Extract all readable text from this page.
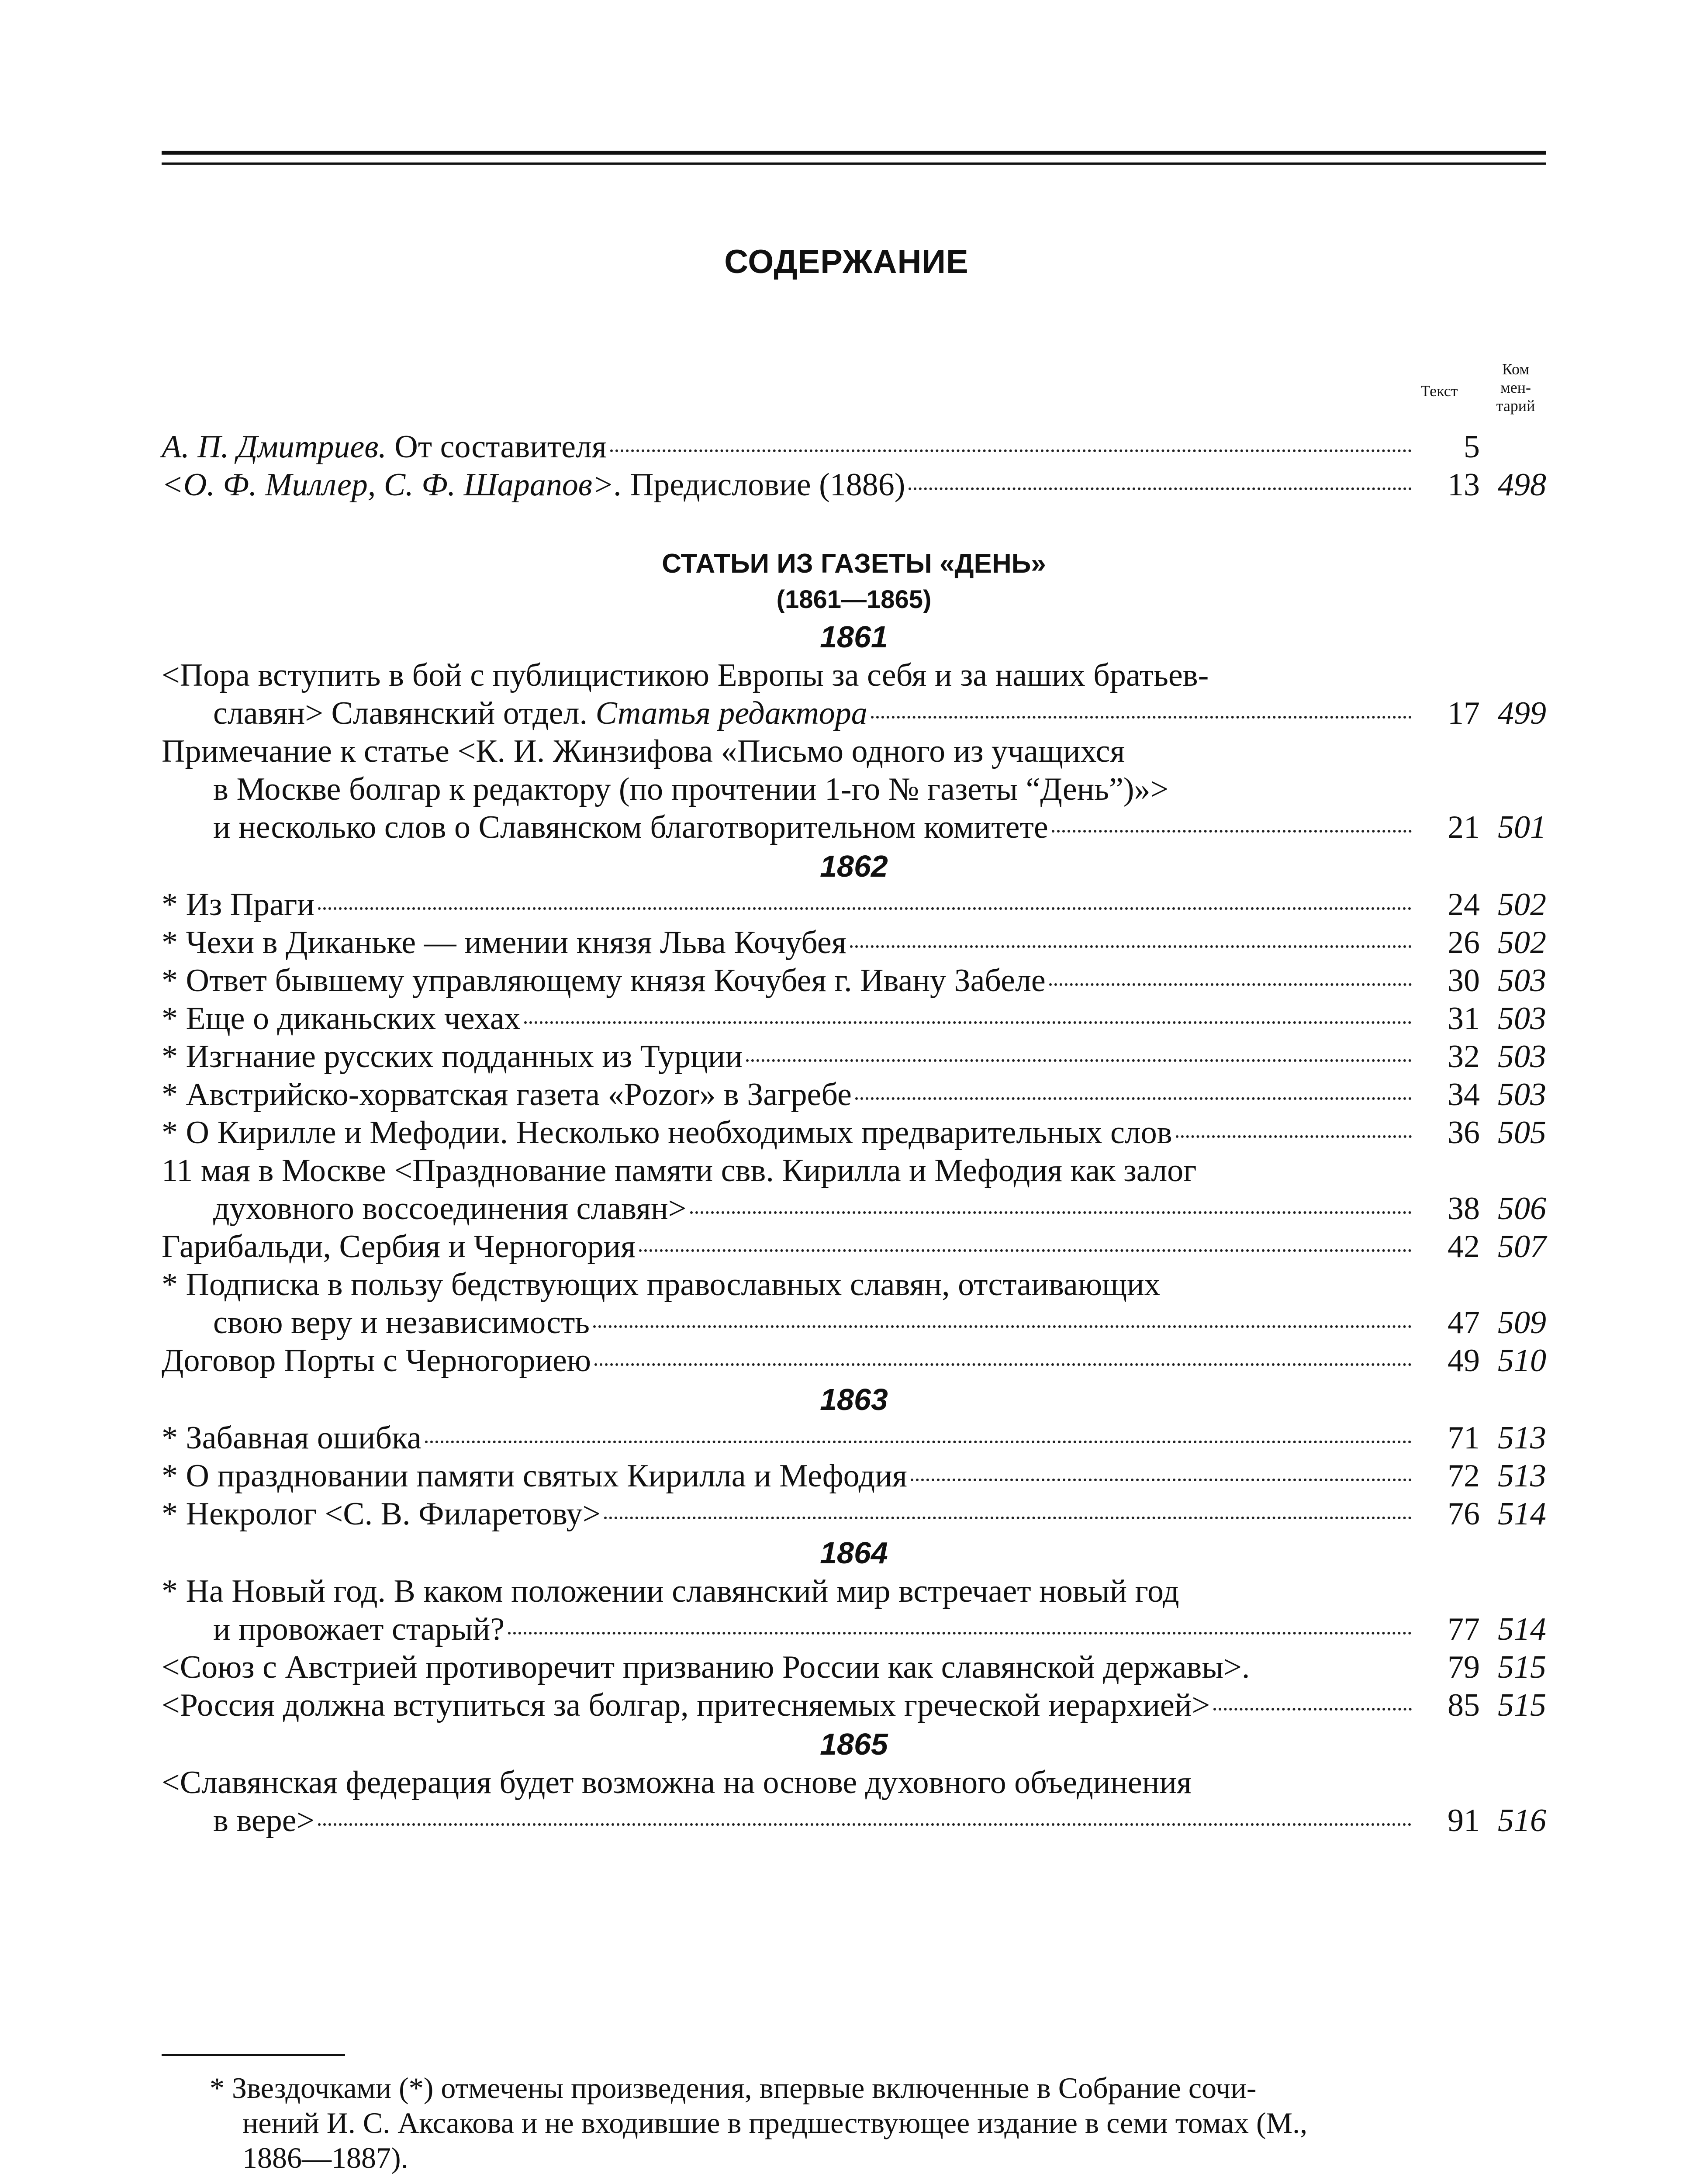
СОДЕРЖАНИЕ
Текст
Ком
мен-
тарий
А. П. Дмитриев. От составителя	5
<О. Ф. Миллер, С. Ф. Шарапов>. Предисловие (1886)	13 498
СТАТЬИ ИЗ ГАЗЕТЫ «ДЕНЬ»
(1861—1865)
1861
<Пора вступить в бой с публицистикою Европы за себя и за наших братьев-
славян> Славянский отдел. Статья редактора	17 499
Примечание к статье <К. И. Жинзифова «Письмо одного из учащихся
в Москве болгар к редактору (по прочтении 1-го № газеты “День”)»>
и несколько слов о Славянском благотворительном комитете	21 501
1862
* Из Праги	24 502
* Чехи в Диканьке — имении князя Льва Кочубея	26 502
* Ответ бывшему управляющему князя Кочубея г. Ивану Забеле	30 503
* Еще о диканьских чехах	31 503
* Изгнание русских подданных из Турции	32 503
* Австрийско-хорватская газета «Pozor» в Загребе	34 503
* О Кирилле и Мефодии. Несколько необходимых предварительных слов	36 505
11 мая в Москве <Празднование памяти свв. Кирилла и Мефодия как залог
духовного воссоединения славян>	38 506
Гарибальди, Сербия и Черногория	42 507
* Подписка в пользу бедствующих православных славян, отстаивающих
свою веру и независимость	47 509
Договор Порты с Черногориею	49 510
1863
* Забавная ошибка	71 513
* О праздновании памяти святых Кирилла и Мефодия	72 513
* Некролог <С. В. Филаретову>	76 514
1864
* На Новый год. В каком положении славянский мир встречает новый год
и провожает старый?	77 514
<Союз с Австрией противоречит призванию России как славянской державы>.	79 515
<Россия должна вступиться за болгар, притесняемых греческой иерархией>	85 515
1865
<Славянская федерация будет возможна на основе духовного объединения
в вере>	91 516
* Звездочками (*) отмечены произведения, впервые включенные в Собрание сочи-
нений И. С. Аксакова и не входившие в предшествующее издание в семи томах (М.,
1886—1887).
